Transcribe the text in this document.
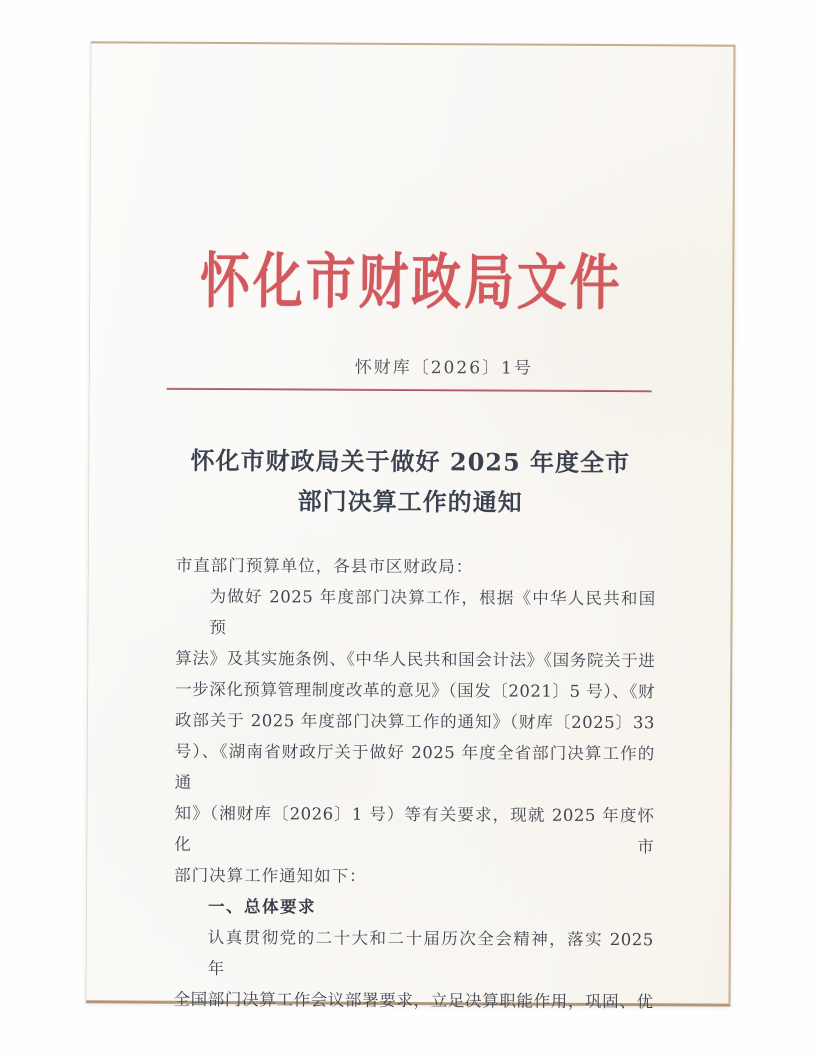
怀化市财政局文件
怀财库〔2026〕1号
怀化市财政局关于做好 2025 年度全市
部门决算工作的通知
市直部门预算单位，各县市区财政局：
为做好 2025 年度部门决算工作，根据《中华人民共和国预
算法》及其实施条例、《中华人民共和国会计法》《国务院关于进
一步深化预算管理制度改革的意见》（国发〔2021〕5 号）、《财
政部关于 2025 年度部门决算工作的通知》（财库〔2025〕33
号）、《湖南省财政厅关于做好 2025 年度全省部门决算工作的通
知》（湘财库〔2026〕1 号）等有关要求，现就 2025 年度怀化市
部门决算工作通知如下：
一、总体要求
认真贯彻党的二十大和二十届历次全会精神，落实 2025 年
全国部门决算工作会议部署要求，立足决算职能作用，巩固、优
